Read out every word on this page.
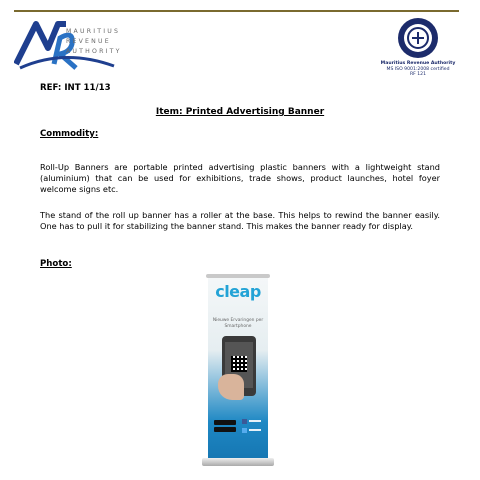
MAURITIUS
REVENUE
AUTHORITY
Mauritius Revenue Authority
MS ISO 9001:2008 certified
RF 121
REF: INT 11/13
Item: Printed Advertising Banner
Commodity:
Roll-Up Banners are portable printed advertising plastic banners with a lightweight stand (aluminium) that can be used for exhibitions, trade shows, product launches, hotel foyer welcome signs etc.
The stand of the roll up banner has a roller at the base. This helps to rewind the banner easily. One has to pull it for stabilizing the banner stand. This makes the banner ready for display.
Photo:
cleap
Nieuwe Ervaringen per Smartphone
